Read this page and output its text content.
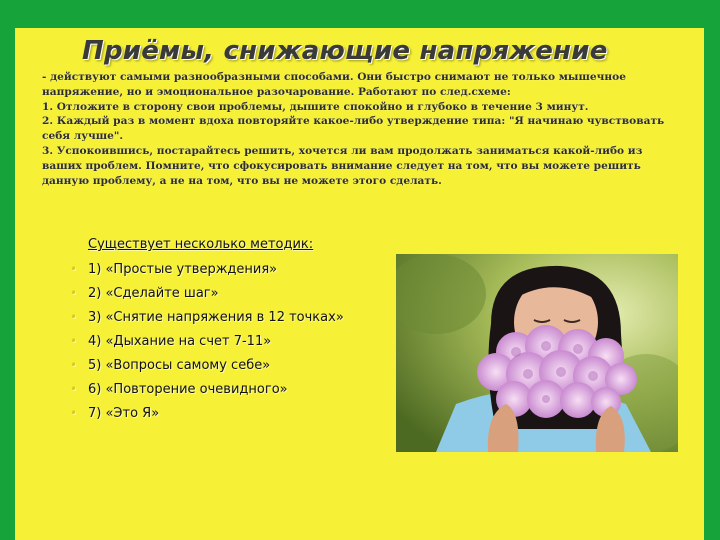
Приёмы, снижающие напряжение

- действуют самыми разнообразными способами. Они быстро снимают не только мышечное напряжение, но и эмоциональное разочарование. Работают по след.схеме:

1. Отложите в сторону свои проблемы, дышите спокойно и глубоко в течение 3 минут.

2. Каждый раз в момент вдоха повторяйте какое-либо утверждение типа: "Я начинаю чувствовать себя лучше".

3. Успокоившись, постарайтесь решить, хочется ли вам продолжать заниматься какой-либо из ваших проблем. Помните, что сфокусировать внимание следует на том, что вы можете решить данную проблему, а не на том, что вы не можете этого сделать.

Существует несколько методик:
• 1) «Простые утверждения»
• 2) «Сделайте шаг»
• 3) «Снятие напряжения в 12 точках»
• 4) «Дыхание на счет 7-11»
• 5) «Вопросы самому себе»
• 6) «Повторение очевидного»
• 7) «Это Я»
